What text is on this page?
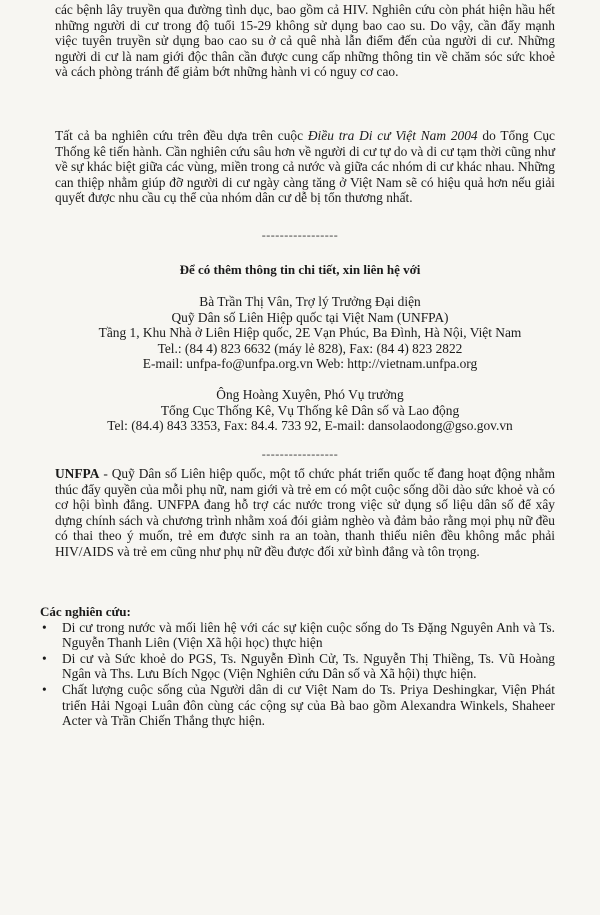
các bệnh lây truyền qua đường tình dục, bao gồm cả HIV. Nghiên cứu còn phát hiện hầu hết những người di cư trong độ tuổi 15-29 không sử dụng bao cao su. Do vậy, cần đẩy mạnh việc tuyên truyền sử dụng bao cao su ở cả quê nhà lẫn điểm đến của người di cư. Những người di cư là nam giới độc thân cần được cung cấp những thông tin về chăm sóc sức khoẻ và cách phòng tránh để giảm bớt những hành vi có nguy cơ cao.

Tất cả ba nghiên cứu trên đều dựa trên cuộc Điều tra Di cư Việt Nam 2004 do Tổng Cục Thống kê tiến hành. Cần nghiên cứu sâu hơn về người di cư tự do và di cư tạm thời cũng như về sự khác biệt giữa các vùng, miền trong cả nước và giữa các nhóm di cư khác nhau. Những can thiệp nhằm giúp đỡ người di cư ngày càng tăng ở Việt Nam sẽ có hiệu quả hơn nếu giải quyết được nhu cầu cụ thể của nhóm dân cư dễ bị tổn thương nhất.

-----------------
Để có thêm thông tin chi tiết, xin liên hệ với
Bà Trần Thị Vân, Trợ lý Trưởng Đại diện
Quỹ Dân số Liên Hiệp quốc tại Việt Nam (UNFPA)
Tầng 1, Khu Nhà ở Liên Hiệp quốc, 2E Vạn Phúc, Ba Đình, Hà Nội, Việt Nam
Tel.: (84 4) 823 6632 (máy lẻ 828), Fax: (84 4) 823 2822
E-mail: unfpa-fo@unfpa.org.vn Web: http://vietnam.unfpa.org
Ông Hoàng Xuyên, Phó Vụ trưởng
Tổng Cục Thống Kê, Vụ Thống kê Dân số và Lao động
Tel: (84.4) 843 3353, Fax: 84.4. 733 92, E-mail: dansolaodong@gso.gov.vn
-----------------

UNFPA - Quỹ Dân số Liên hiệp quốc, một tổ chức phát triển quốc tế đang hoạt động nhằm thúc đẩy quyền của mỗi phụ nữ, nam giới và trẻ em có một cuộc sống dồi dào sức khoẻ và có cơ hội bình đẳng. UNFPA đang hỗ trợ các nước trong việc sử dụng số liệu dân số để xây dựng chính sách và chương trình nhằm xoá đói giảm nghèo và đảm bảo rằng mọi phụ nữ đều có thai theo ý muốn, trẻ em được sinh ra an toàn, thanh thiếu niên đều không mắc phải HIV/AIDS và trẻ em cũng như phụ nữ đều được đối xử bình đẳng và tôn trọng.

Các nghiên cứu:
• Di cư trong nước và mối liên hệ với các sự kiện cuộc sống do Ts Đặng Nguyên Anh và Ts. Nguyễn Thanh Liên (Viện Xã hội học) thực hiện
• Di cư và Sức khoẻ do PGS, Ts. Nguyễn Đình Cử, Ts. Nguyễn Thị Thiềng, Ts. Vũ Hoàng Ngân và Ths. Lưu Bích Ngọc (Viện Nghiên cứu Dân số và Xã hội) thực hiện.
• Chất lượng cuộc sống của Người dân di cư Việt Nam do Ts. Priya Deshingkar, Viện Phát triển Hải Ngoại Luân đôn cùng các cộng sự của Bà bao gồm Alexandra Winkels, Shaheer Acter và Trần Chiến Thắng thực hiện.
